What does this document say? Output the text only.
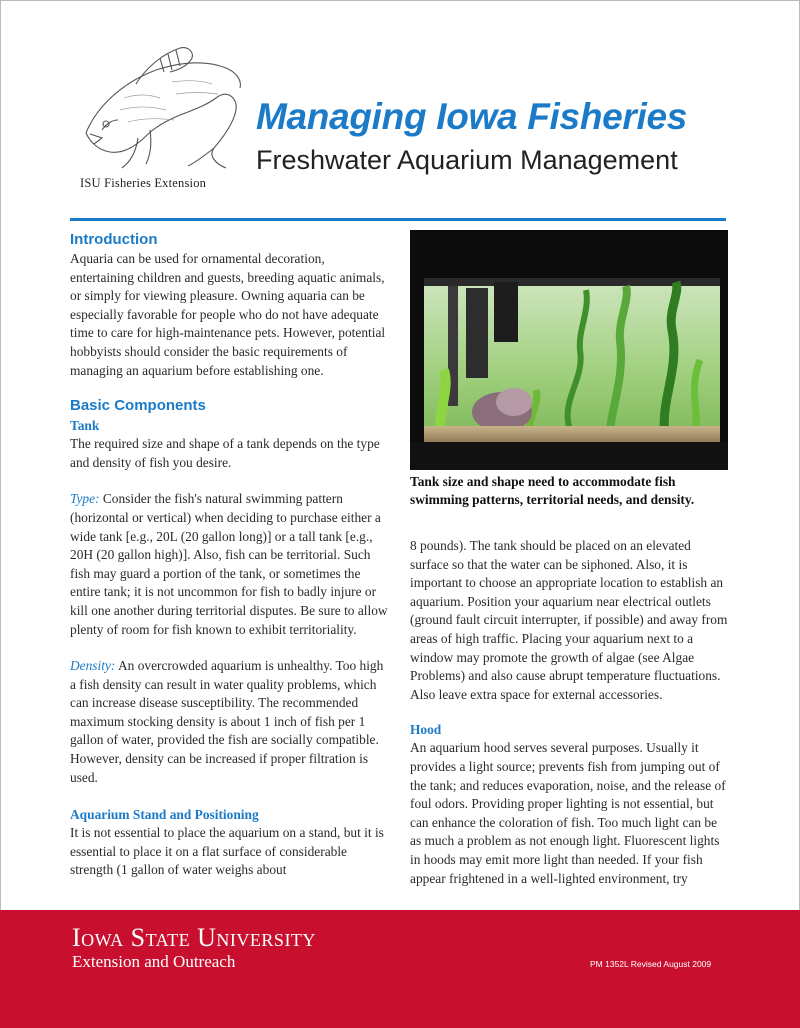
ISU Fisheries Extension
Managing Iowa Fisheries
Freshwater Aquarium Management
Introduction

Aquaria can be used for ornamental decoration, entertaining children and guests, breeding aquatic animals, or simply for viewing pleasure. Owning aquaria can be especially favorable for people who do not have adequate time to care for high-maintenance pets. However, potential hobbyists should consider the basic requirements of managing an aquarium before establishing one.

Basic Components
Tank

The required size and shape of a tank depends on the type and density of fish you desire.

Type: Consider the fish's natural swimming pattern (horizontal or vertical) when deciding to purchase either a wide tank [e.g., 20L (20 gallon long)] or a tall tank [e.g., 20H (20 gallon high)]. Also, fish can be territorial. Such fish may guard a portion of the tank, or sometimes the entire tank; it is not uncommon for fish to badly injure or kill one another during territorial disputes. Be sure to allow plenty of room for fish known to exhibit territoriality.

Density: An overcrowded aquarium is unhealthy. Too high a fish density can result in water quality problems, which can increase disease susceptibility. The recommended maximum stocking density is about 1 inch of fish per 1 gallon of water, provided the fish are socially compatible. However, density can be increased if proper filtration is used.

Aquarium Stand and Positioning

It is not essential to place the aquarium on a stand, but it is essential to place it on a flat surface of considerable strength (1 gallon of water weighs about

Tank size and shape need to accommodate fish swimming patterns, territorial needs, and density.

8 pounds). The tank should be placed on an elevated surface so that the water can be siphoned. Also, it is important to choose an appropriate location to establish an aquarium. Position your aquarium near electrical outlets (ground fault circuit interrupter, if possible) and away from areas of high traffic. Placing your aquarium next to a window may promote the growth of algae (see Algae Problems) and also cause abrupt temperature fluctuations. Also leave extra space for external accessories.

Hood

An aquarium hood serves several purposes. Usually it provides a light source; prevents fish from jumping out of the tank; and reduces evaporation, noise, and the release of foul odors. Providing proper lighting is not essential, but can enhance the coloration of fish. Too much light can be as much a problem as not enough light. Fluorescent lights in hoods may emit more light than needed. If your fish appear frightened in a well-lighted environment, try

Iowa State University
Extension and Outreach	PM 1352L Revised August 2009
